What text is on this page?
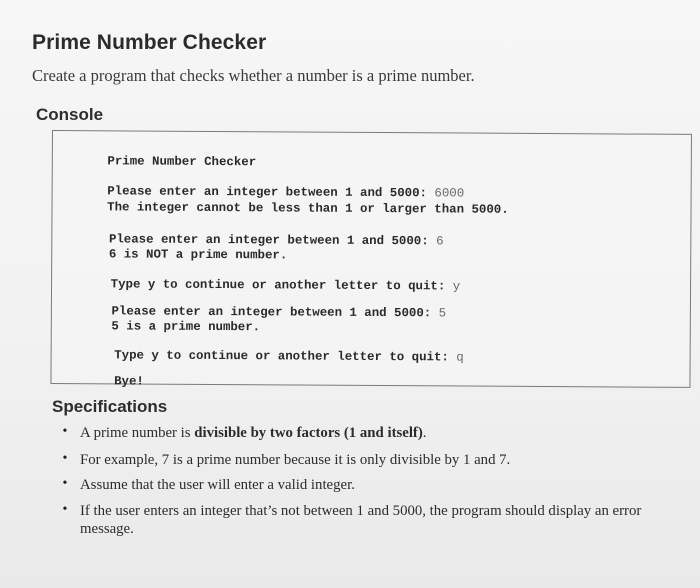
Prime Number Checker
Create a program that checks whether a number is a prime number.
Console

Prime Number Checker

Please enter an integer between 1 and 5000: 6000

The integer cannot be less than 1 or larger than 5000.

Please enter an integer between 1 and 5000: 6

6 is NOT a prime number.

Type y to continue or another letter to quit: y

Please enter an integer between 1 and 5000: 5

5 is a prime number.

Type y to continue or another letter to quit: q

Bye!

Specifications
• A prime number is divisible by two factors (1 and itself).
• For example, 7 is a prime number because it is only divisible by 1 and 7.
• Assume that the user will enter a valid integer.
• If the user enters an integer that’s not between 1 and 5000, the program should display an error message.
